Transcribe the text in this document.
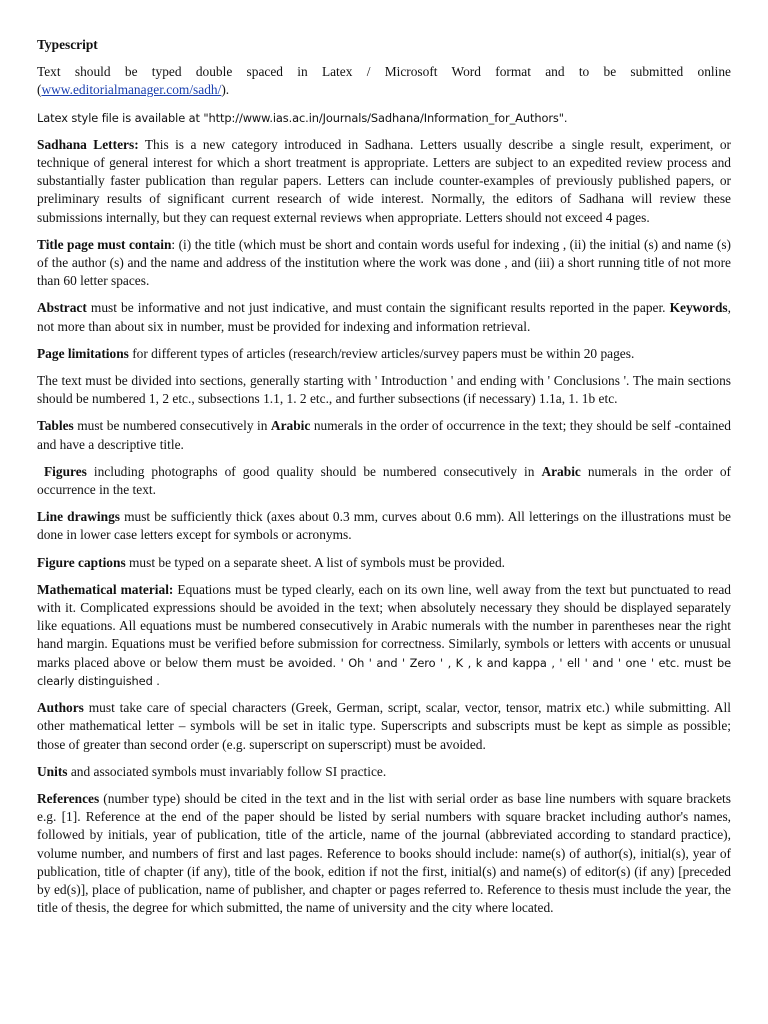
Typescript

Text should be typed double spaced in Latex / Microsoft Word format and to be submitted online (www.editorialmanager.com/sadh/).

Latex style file is available at "http://www.ias.ac.in/Journals/Sadhana/Information_for_Authors".

Sadhana Letters: This is a new category introduced in Sadhana. Letters usually describe a single result, experiment, or technique of general interest for which a short treatment is appropriate. Letters are subject to an expedited review process and substantially faster publication than regular papers. Letters can include counter-examples of previously published papers, or preliminary results of significant current research of wide interest. Normally, the editors of Sadhana will review these submissions internally, but they can request external reviews when appropriate. Letters should not exceed 4 pages.

Title page must contain: (i) the title (which must be short and contain words useful for indexing , (ii) the initial (s) and name (s) of the author (s) and the name and address of the institution where the work was done , and (iii) a short running title of not more than 60 letter spaces.

Abstract must be informative and not just indicative, and must contain the significant results reported in the paper. Keywords, not more than about six in number, must be provided for indexing and information retrieval.

Page limitations for different types of articles (research/review articles/survey papers must be within 20 pages.

The text must be divided into sections, generally starting with ' Introduction ' and ending with ' Conclusions '. The main sections should be numbered 1, 2 etc., subsections 1.1, 1. 2 etc., and further subsections (if necessary) 1.1a, 1. 1b etc.

Tables must be numbered consecutively in Arabic numerals in the order of occurrence in the text; they should be self -contained and have a descriptive title.

Figures including photographs of good quality should be numbered consecutively in Arabic numerals in the order of occurrence in the text.

Line drawings must be sufficiently thick (axes about 0.3 mm, curves about 0.6 mm). All letterings on the illustrations must be done in lower case letters except for symbols or acronyms.

Figure captions must be typed on a separate sheet. A list of symbols must be provided.

Mathematical material: Equations must be typed clearly, each on its own line, well away from the text but punctuated to read with it. Complicated expressions should be avoided in the text; when absolutely necessary they should be displayed separately like equations. All equations must be numbered consecutively in Arabic numerals with the number in parentheses near the right hand margin. Equations must be verified before submission for correctness. Similarly, symbols or letters with accents or unusual marks placed above or below them must be avoided. ' Oh ' and ' Zero ' , K , k and kappa , ' ell ' and ' one ' etc. must be clearly distinguished .

Authors must take care of special characters (Greek, German, script, scalar, vector, tensor, matrix etc.) while submitting. All other mathematical letter – symbols will be set in italic type. Superscripts and subscripts must be kept as simple as possible; those of greater than second order (e.g. superscript on superscript) must be avoided.

Units and associated symbols must invariably follow SI practice.

References (number type) should be cited in the text and in the list with serial order as base line numbers with square brackets e.g. [1]. Reference at the end of the paper should be listed by serial numbers with square bracket including author's names, followed by initials, year of publication, title of the article, name of the journal (abbreviated according to standard practice), volume number, and numbers of first and last pages. Reference to books should include: name(s) of author(s), initial(s), year of publication, title of chapter (if any), title of the book, edition if not the first, initial(s) and name(s) of editor(s) (if any) [preceded by ed(s)], place of publication, name of publisher, and chapter or pages referred to. Reference to thesis must include the year, the title of thesis, the degree for which submitted, the name of university and the city where located.
